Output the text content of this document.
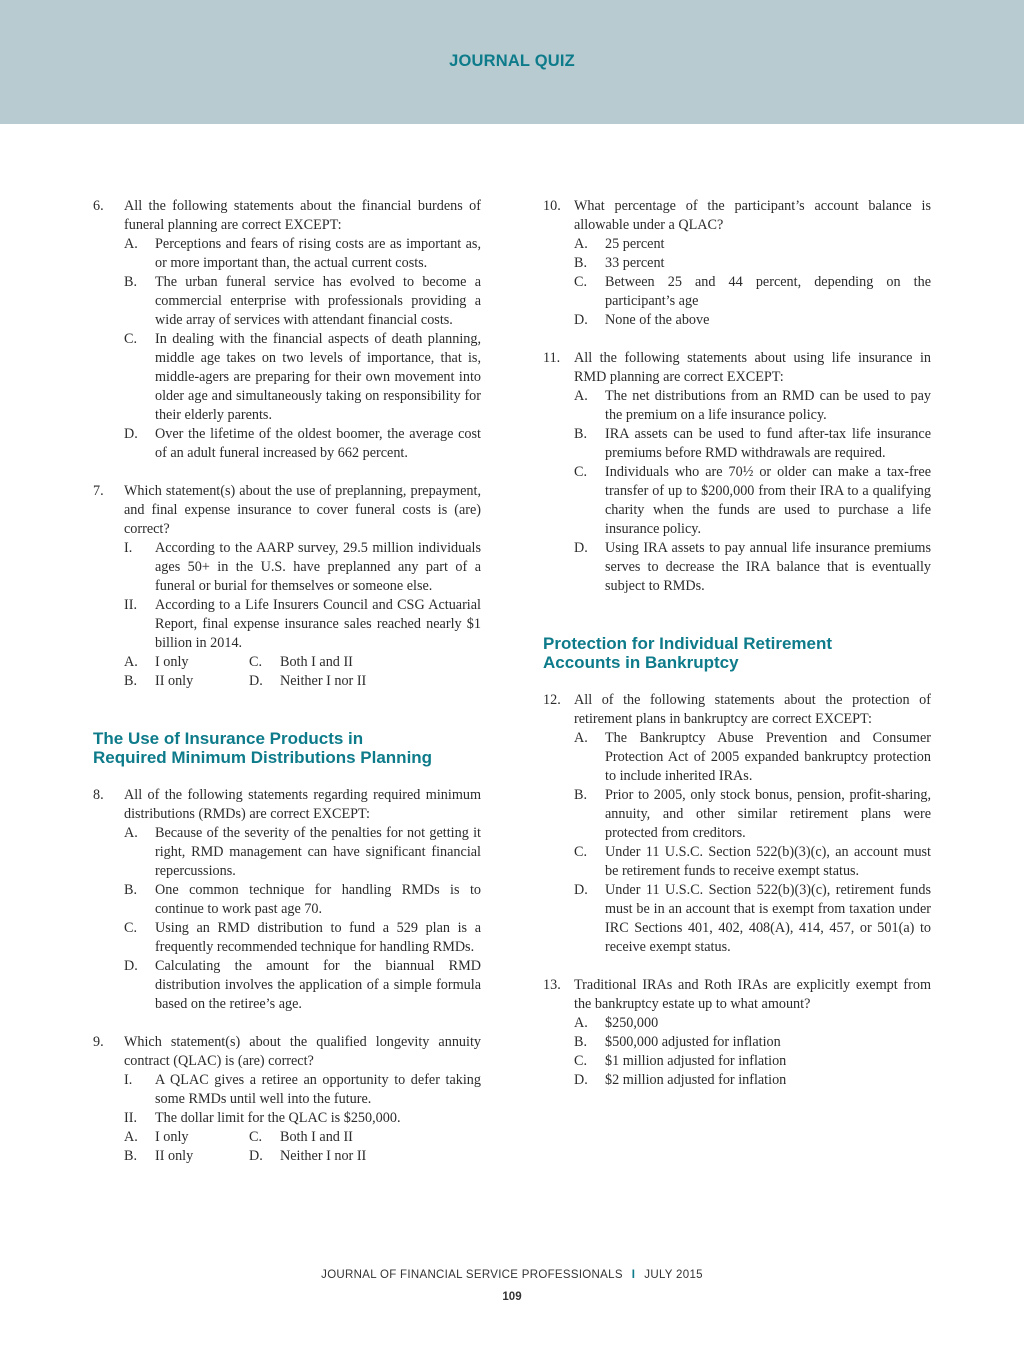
JOURNAL QUIZ
6.	All the following statements about the financial burdens of funeral planning are correct EXCEPT:
A.	Perceptions and fears of rising costs are as important as, or more important than, the actual current costs.
B.	The urban funeral service has evolved to become a commercial enterprise with professionals providing a wide array of services with attendant financial costs.
C.	In dealing with the financial aspects of death planning, middle age takes on two levels of importance, that is, middle-agers are preparing for their own movement into older age and simultaneously taking on responsibility for their elderly parents.
D.	Over the lifetime of the oldest boomer, the average cost of an adult funeral increased by 662 percent.
7.	Which statement(s) about the use of preplanning, prepayment, and final expense insurance to cover funeral costs is (are) correct?
I.	According to the AARP survey, 29.5 million individuals ages 50+ in the U.S. have preplanned any part of a funeral or burial for themselves or someone else.
II.	According to a Life Insurers Council and CSG Actuarial Report, final expense insurance sales reached nearly $1 billion in 2014.
A.	I only	C.	Both I and II
B.	II only	D.	Neither I nor II
The Use of Insurance Products in
Required Minimum Distributions Planning
8.	All of the following statements regarding required minimum distributions (RMDs) are correct EXCEPT:
A.	Because of the severity of the penalties for not getting it right, RMD management can have significant financial repercussions.
B.	One common technique for handling RMDs is to continue to work past age 70.
C.	Using an RMD distribution to fund a 529 plan is a frequently recommended technique for handling RMDs.
D.	Calculating the amount for the biannual RMD distribution involves the application of a simple formula based on the retiree’s age.
9.	Which statement(s) about the qualified longevity annuity contract (QLAC) is (are) correct?
I.	A QLAC gives a retiree an opportunity to defer taking some RMDs until well into the future.
II.	The dollar limit for the QLAC is $250,000.
A.	I only	C.	Both I and II
B.	II only	D.	Neither I nor II
10. What percentage of the participant’s account balance is allowable under a QLAC?
A.	25 percent
B.	33 percent
C.	Between 25 and 44 percent, depending on the participant’s age
D.	None of the above
11. All the following statements about using life insurance in RMD planning are correct EXCEPT:
A.	The net distributions from an RMD can be used to pay the premium on a life insurance policy.
B.	IRA assets can be used to fund after-tax life insurance premiums before RMD withdrawals are required.
C.	Individuals who are 70½ or older can make a tax-free transfer of up to $200,000 from their IRA to a qualifying charity when the funds are used to purchase a life insurance policy.
D.	Using IRA assets to pay annual life insurance premiums serves to decrease the IRA balance that is eventually subject to RMDs.
Protection for Individual Retirement
Accounts in Bankruptcy
12. All of the following statements about the protection of retirement plans in bankruptcy are correct EXCEPT:
A.	The Bankruptcy Abuse Prevention and Consumer Protection Act of 2005 expanded bankruptcy protection to include inherited IRAs.
B.	Prior to 2005, only stock bonus, pension, profit-sharing, annuity, and other similar retirement plans were protected from creditors.
C.	Under 11 U.S.C. Section 522(b)(3)(c), an account must be retirement funds to receive exempt status.
D.	Under 11 U.S.C. Section 522(b)(3)(c), retirement funds must be in an account that is exempt from taxation under IRC Sections 401, 402, 408(A), 414, 457, or 501(a) to receive exempt status.
13. Traditional IRAs and Roth IRAs are explicitly exempt from the bankruptcy estate up to what amount?
A.	$250,000
B.	$500,000 adjusted for inflation
C.	$1 million adjusted for inflation
D.	$2 million adjusted for inflation
JOURNAL OF FINANCIAL SERVICE PROFESSIONALS I JULY 2015
109
